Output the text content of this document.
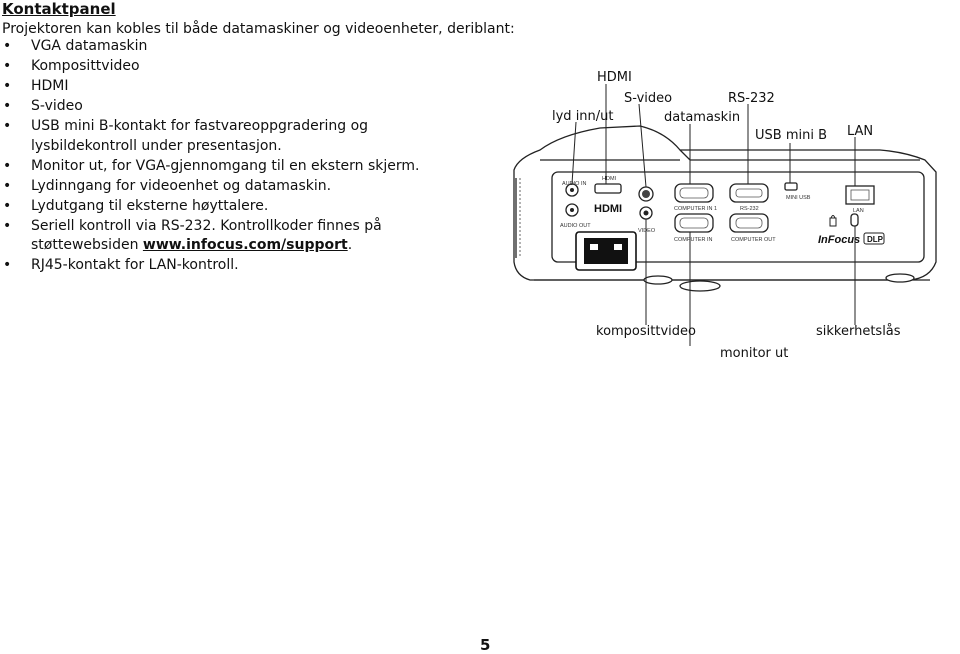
Kontaktpanel
Projektoren kan kobles til både datamaskiner og videoenheter, deriblant:
• VGA datamaskin
• Komposittvideo
• HDMI
• S-video
• USB mini B-kontakt for fastvareoppgradering og lysbildekontroll under presentasjon.
• Monitor ut, for VGA-gjennomgang til en ekstern skjerm.
• Lydinngang for videoenhet og datamaskin.
• Lydutgang til eksterne høyttalere.
• Seriell kontroll via RS-232. Kontrollkoder finnes på støttewebsiden www.infocus.com/support.
• RJ45-kontakt for LAN-kontroll.
AUDIO IN
AUDIO OUT
HDMI
HDMI
VIDEO
COMPUTER IN 1
COMPUTER IN
RS-232
COMPUTER OUT
MINI USB
LAN
InFocus DLP
HDMI
S-video	RS-232
lyd inn/ut	datamaskin
USB mini B LAN
komposittvideo	sikkerhetslås
monitor ut
5
